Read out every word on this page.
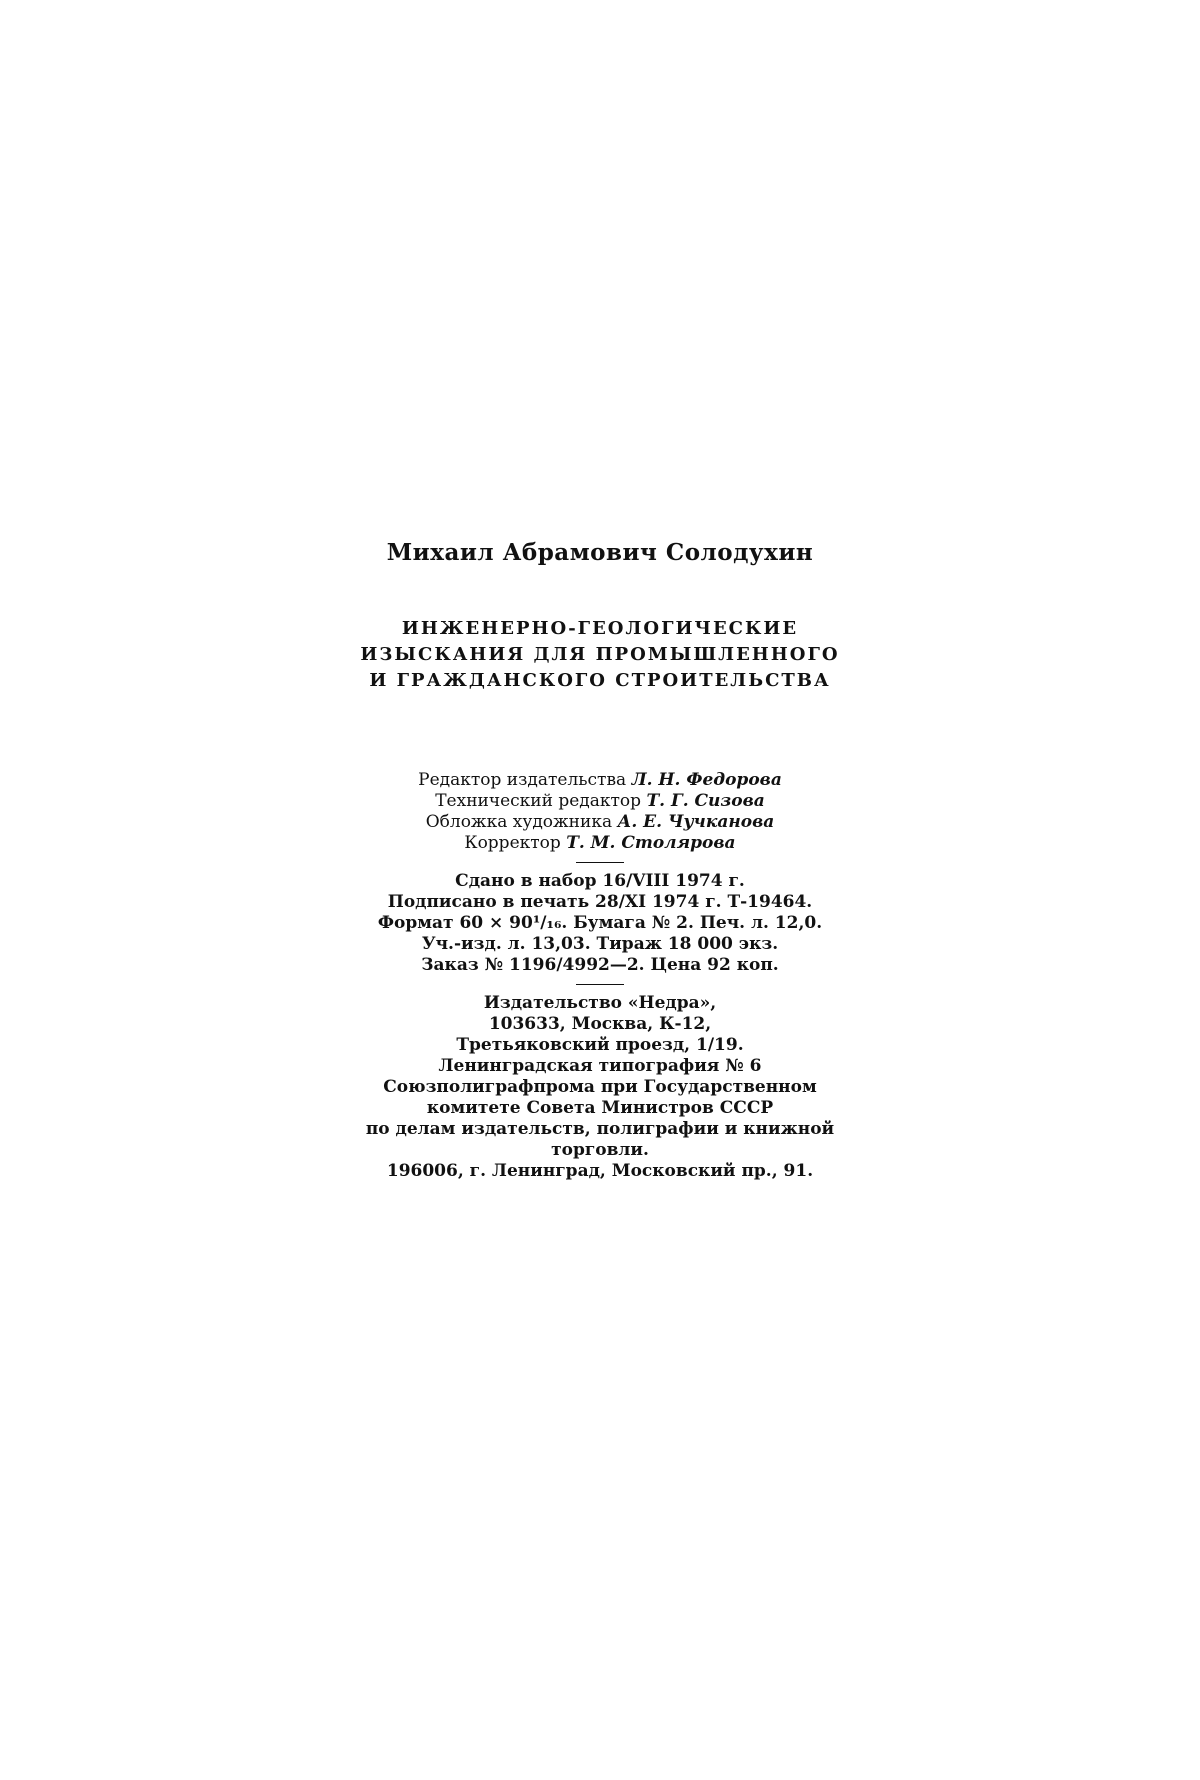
Михаил Абрамович Солодухин
ИНЖЕНЕРНО-ГЕОЛОГИЧЕСКИЕ
ИЗЫСКАНИЯ ДЛЯ ПРОМЫШЛЕННОГО
И ГРАЖДАНСКОГО СТРОИТЕЛЬСТВА
Редактор издательства Л. Н. Федорова
Технический редактор Т. Г. Сизова
Обложка художника А. Е. Чучканова
Корректор Т. М. Столярова
Сдано в набор 16/VIII 1974 г.
Подписано в печать 28/XI 1974 г. Т-19464.
Формат 60 × 90¹/₁₆. Бумага № 2. Печ. л. 12,0.
Уч.-изд. л. 13,03. Тираж 18 000 экз.
Заказ № 1196/4992—2. Цена 92 коп.
Издательство «Недра»,
103633, Москва, К-12,
Третьяковский проезд, 1/19.
Ленинградская типография № 6
Союзполиграфпрома при Государственном
комитете Совета Министров СССР
по делам издательств, полиграфии и книжной
торговли.
196006, г. Ленинград, Московский пр., 91.
